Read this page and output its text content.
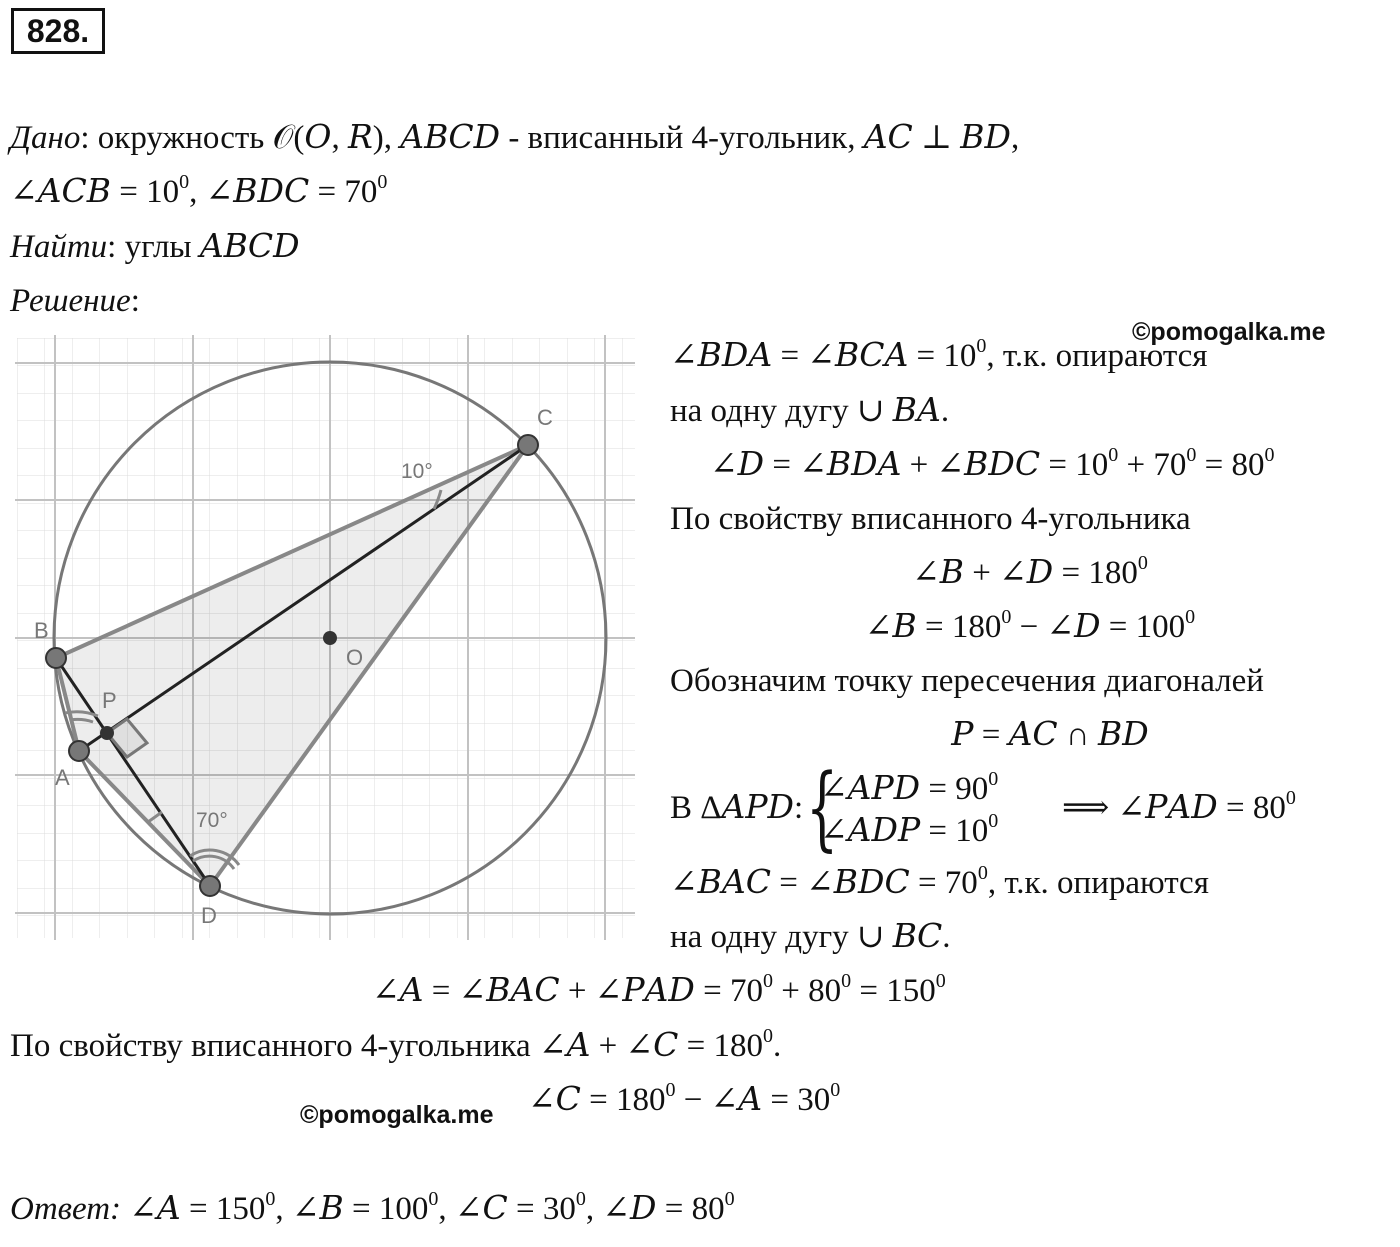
828.
Дано: окружность 𝒪(𝑂, 𝑅), 𝐴𝐵𝐶𝐷 - вписанный 4-угольник, 𝐴𝐶 ⊥ 𝐵𝐷,
∠𝐴𝐶𝐵 = $10^0$, ∠𝐵𝐷𝐶 = $70^0$
Найти: углы 𝐴𝐵𝐶𝐷
Решение:
C
B
A
D
O
P
10°
70°
©pomogalka.me
∠𝐵𝐷𝐴 = ∠𝐵𝐶𝐴 = $10^0$, т.к. опираются
на одну дугу ∪ 𝐵𝐴.
∠𝐷 = ∠𝐵𝐷𝐴 + ∠𝐵𝐷𝐶 = $10^0 + 70^0 = 80^0$
По свойству вписанного 4-угольника
∠𝐵 + ∠𝐷 = $180^0$
∠𝐵 = $180^0$ − ∠𝐷 = $100^0$
Обозначим точку пересечения диагоналей
𝑃 = 𝐴𝐶 ∩ 𝐵𝐷
В Δ𝐴𝑃𝐷: {
∠𝐴𝑃𝐷 = $90^0$
∠𝐴𝐷𝑃 = $10^0$ ⟹ ∠𝑃𝐴𝐷 = $80^0$
∠𝐵𝐴𝐶 = ∠𝐵𝐷𝐶 = $70^0$, т.к. опираются
на одну дугу ∪ 𝐵𝐶.
∠𝐴 = ∠𝐵𝐴𝐶 + ∠𝑃𝐴𝐷 = $70^0 + 80^0 = 150^0$
По свойству вписанного 4-угольника ∠𝐴 + ∠𝐶 = $180^0$.
©pomogalka.me ∠𝐶 = $180^0$ − ∠𝐴 = $30^0$
Ответ: ∠𝐴 = $150^0$, ∠𝐵 = $100^0$, ∠𝐶 = $30^0$, ∠𝐷 = $80^0$
